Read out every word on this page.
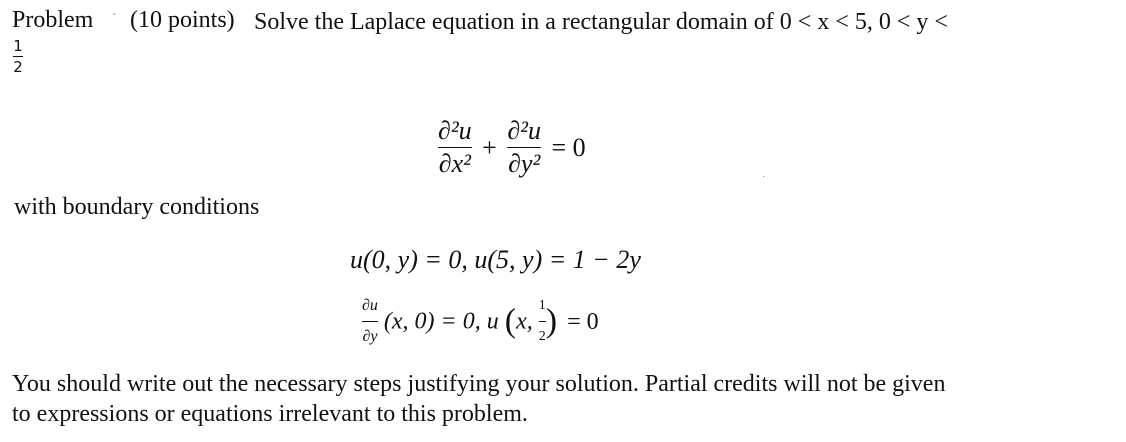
Problem · (10 points) Solve the Laplace equation in a rectangular domain of 0 < x < 5, 0 < y <
$\frac{1}{2}$
$\frac{\text{∂²u}}{\text{∂x²}} + \frac{\text{∂²u}}{\text{∂y²}} = 0$
·
with boundary conditions
u(0, y) = 0, u(5, y) = 1 − 2y
$\frac{\partial u}{\partial y} (x$, 0) = 0, u (x, $\frac{1}{2}$ ) = 0
You should write out the necessary steps justifying your solution. Partial credits will not be given
to expressions or equations irrelevant to this problem.
